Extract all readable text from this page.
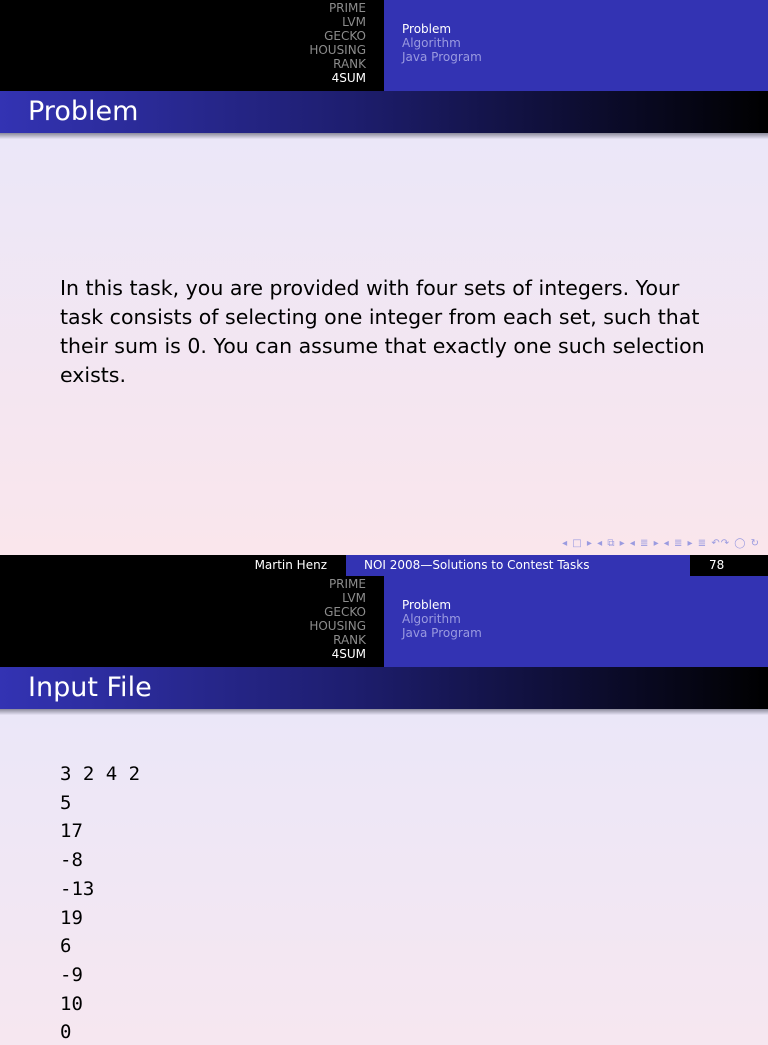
PRIME
LVM
GECKO
HOUSING
RANK
4SUM
Problem
Algorithm
Java Program
Problem
In this task, you are provided with four sets of integers. Your task consists of selecting one integer from each set, such that their sum is 0. You can assume that exactly one such selection exists.
◂ □ ▸ ◂ ⧉ ▸ ◂ ≣ ▸ ◂ ≣ ▸ ≣ ↶↷ ◯ ↻
Martin Henz	NOI 2008—Solutions to Contest Tasks	78
PRIME
LVM
GECKO
HOUSING
RANK
4SUM
Problem
Algorithm
Java Program
Input File
3 2 4 2
5
17
-8
-13
19
6
-9
10
0
